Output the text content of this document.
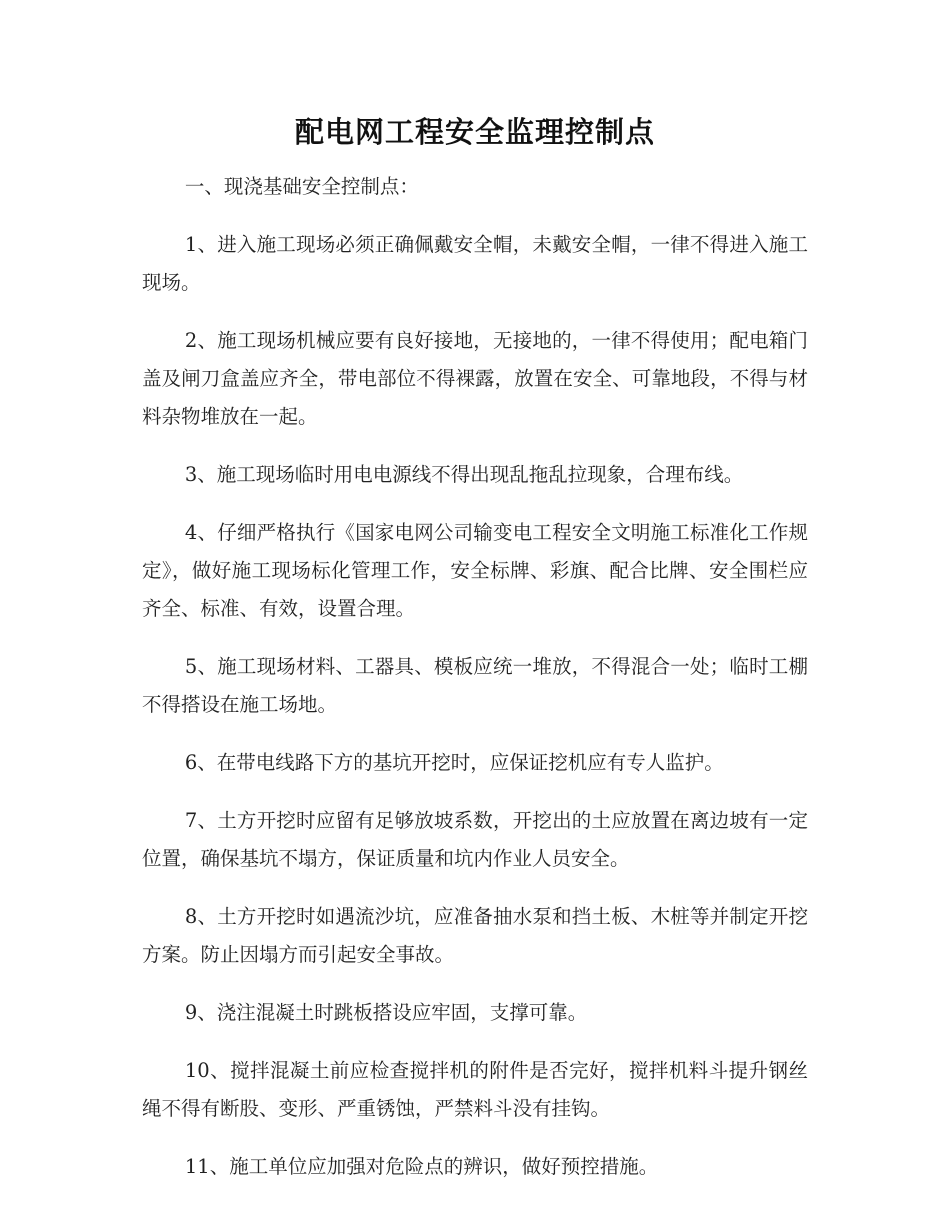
配电网工程安全监理控制点

一、现浇基础安全控制点：

1、进入施工现场必须正确佩戴安全帽，未戴安全帽，一律不得进入施工现场。

2、施工现场机械应要有良好接地，无接地的，一律不得使用；配电箱门盖及闸刀盒盖应齐全，带电部位不得裸露，放置在安全、可靠地段，不得与材料杂物堆放在一起。

3、施工现场临时用电电源线不得出现乱拖乱拉现象，合理布线。

4、仔细严格执行《国家电网公司输变电工程安全文明施工标准化工作规定》，做好施工现场标化管理工作，安全标牌、彩旗、配合比牌、安全围栏应齐全、标准、有效，设置合理。

5、施工现场材料、工器具、模板应统一堆放，不得混合一处；临时工棚不得搭设在施工场地。

6、在带电线路下方的基坑开挖时，应保证挖机应有专人监护。

7、土方开挖时应留有足够放坡系数，开挖出的土应放置在离边坡有一定位置，确保基坑不塌方，保证质量和坑内作业人员安全。

8、土方开挖时如遇流沙坑，应准备抽水泵和挡土板、木桩等并制定开挖方案。防止因塌方而引起安全事故。

9、浇注混凝土时跳板搭设应牢固，支撑可靠。

10、搅拌混凝土前应检查搅拌机的附件是否完好，搅拌机料斗提升钢丝绳不得有断股、变形、严重锈蚀，严禁料斗没有挂钩。

11、施工单位应加强对危险点的辨识，做好预控措施。
